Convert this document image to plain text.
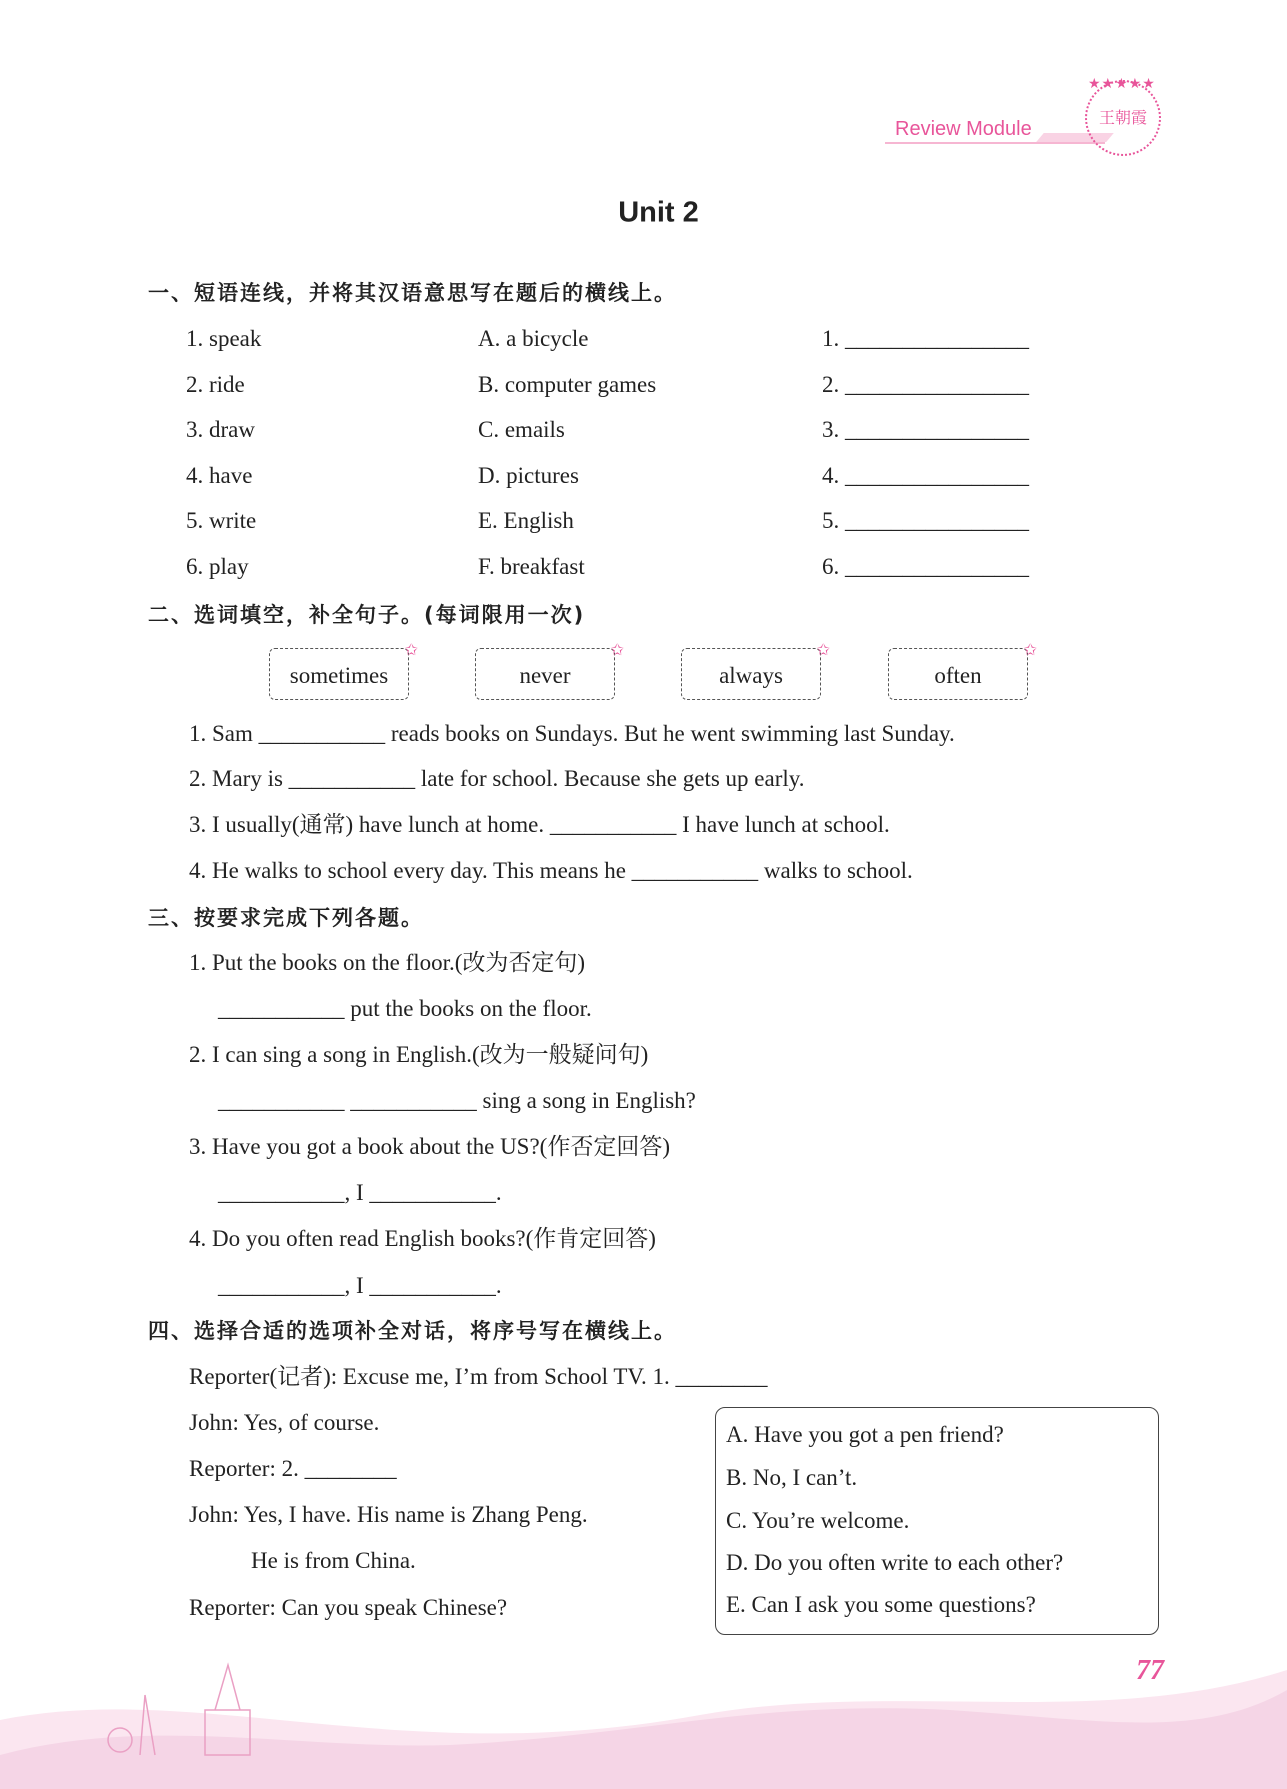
Review Module
★★★★★
王朝霞
Unit 2
一、短语连线，并将其汉语意思写在题后的横线上。
1. speak	A. a bicycle	1. ________________
2. ride	B. computer games	2. ________________
3. draw	C. emails	3. ________________
4. have	D. pictures	4. ________________
5. write	E. English	5. ________________
6. play	F. breakfast	6. ________________
二、选词填空，补全句子。(每词限用一次)
sometimes
✩
never
✩
always
✩
often
✩
1. Sam ___________ reads books on Sundays. But he went swimming last Sunday.
2. Mary is ___________ late for school. Because she gets up early.
3. I usually(通常) have lunch at home. ___________ I have lunch at school.
4. He walks to school every day. This means he ___________ walks to school.
三、按要求完成下列各题。
1. Put the books on the floor.(改为否定句)
___________ put the books on the floor.
2. I can sing a song in English.(改为一般疑问句)
___________ ___________ sing a song in English?
3. Have you got a book about the US?(作否定回答)
___________, I ___________.
4. Do you often read English books?(作肯定回答)
___________, I ___________.
四、选择合适的选项补全对话，将序号写在横线上。
Reporter(记者): Excuse me, I’m from School TV. 1. ________
John: Yes, of course.
Reporter: 2. ________
John: Yes, I have. His name is Zhang Peng.
He is from China.
Reporter: Can you speak Chinese?
A. Have you got a pen friend?
B. No, I can’t.
C. You’re welcome.
D. Do you often write to each other?
E. Can I ask you some questions?
77
